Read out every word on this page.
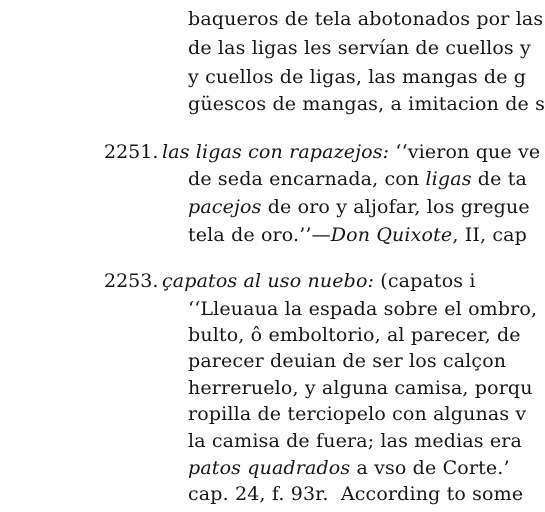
baqueros de tela abotonados por las
de las ligas les servían de cuellos y
y cuellos de ligas, las mangas de g
güescos de mangas, a imitacion de s
2251. las ligas con rapazejos: ‘‘vieron que ve
de seda encarnada, con ligas de ta
pacejos de oro y aljofar, los gregue
tela de oro.’’—Don Quixote, II, cap
2253. çapatos al uso nuebo: (capatos i
‘‘Lleuaua la espada sobre el ombro,
bulto, ô emboltorio, al parecer, de
parecer deuian de ser los calçon
herreruelo, y alguna camisa, porqu
ropilla de terciopelo con algunas v
la camisa de fuera; las medias era
patos quadrados a vso de Corte.’
cap. 24, f. 93r.  According to some
